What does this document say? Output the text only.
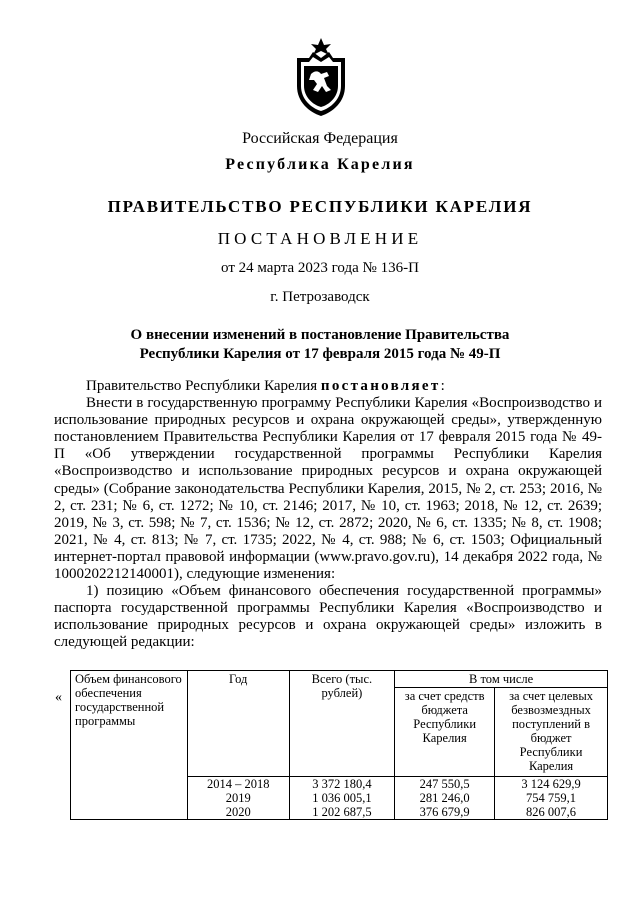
Российская Федерация
Республика Карелия
ПРАВИТЕЛЬСТВО РЕСПУБЛИКИ КАРЕЛИЯ
ПОСТАНОВЛЕНИЕ
от 24 марта 2023 года № 136-П
г. Петрозаводск
О внесении изменений в постановление Правительства
Республики Карелия от 17 февраля 2015 года № 49-П

Правительство Республики Карелия постановляет:

Внести в государственную программу Республики Карелия «Воспроизводство и использование природных ресурсов и охрана окружающей среды», утвержденную постановлением Правительства Республики Карелия от 17 февраля 2015 года № 49-П «Об утверждении государственной программы Республики Карелия «Воспроизводство и использование природных ресурсов и охрана окружающей среды» (Собрание законодательства Республики Карелия, 2015, № 2, ст. 253; 2016, № 2, ст. 231; № 6, ст. 1272; № 10, ст. 2146; 2017, № 10, ст. 1963; 2018, № 12, ст. 2639; 2019, № 3, ст. 598; № 7, ст. 1536; № 12, ст. 2872; 2020, № 6, ст. 1335; № 8, ст. 1908; 2021, № 4, ст. 813; № 7, ст. 1735; 2022, № 4, ст. 988; № 6, ст. 1503; Официальный интернет-портал правовой информации (www.pravo.gov.ru), 14 декабря 2022 года, № 1000202212140001), следующие изменения:

1) позицию «Объем финансового обеспечения государственной программы» паспорта государственной программы Республики Карелия «Воспроизводство и использование природных ресурсов и охрана окружающей среды» изложить в следующей редакции:

«
Объем финансового обеспечения государственной программы	Год	Всего (тыс. рублей)	В том числе	
			за счет средств бюджета Республики Карелия	за счет целевых безвозмездных поступлений в бюджет Республики Карелия
	2014 – 2018	3 372 180,4	247 550,5	3 124 629,9
	2019	1 036 005,1	281 246,0	754 759,1
	2020	1 202 687,5	376 679,9	826 007,6
